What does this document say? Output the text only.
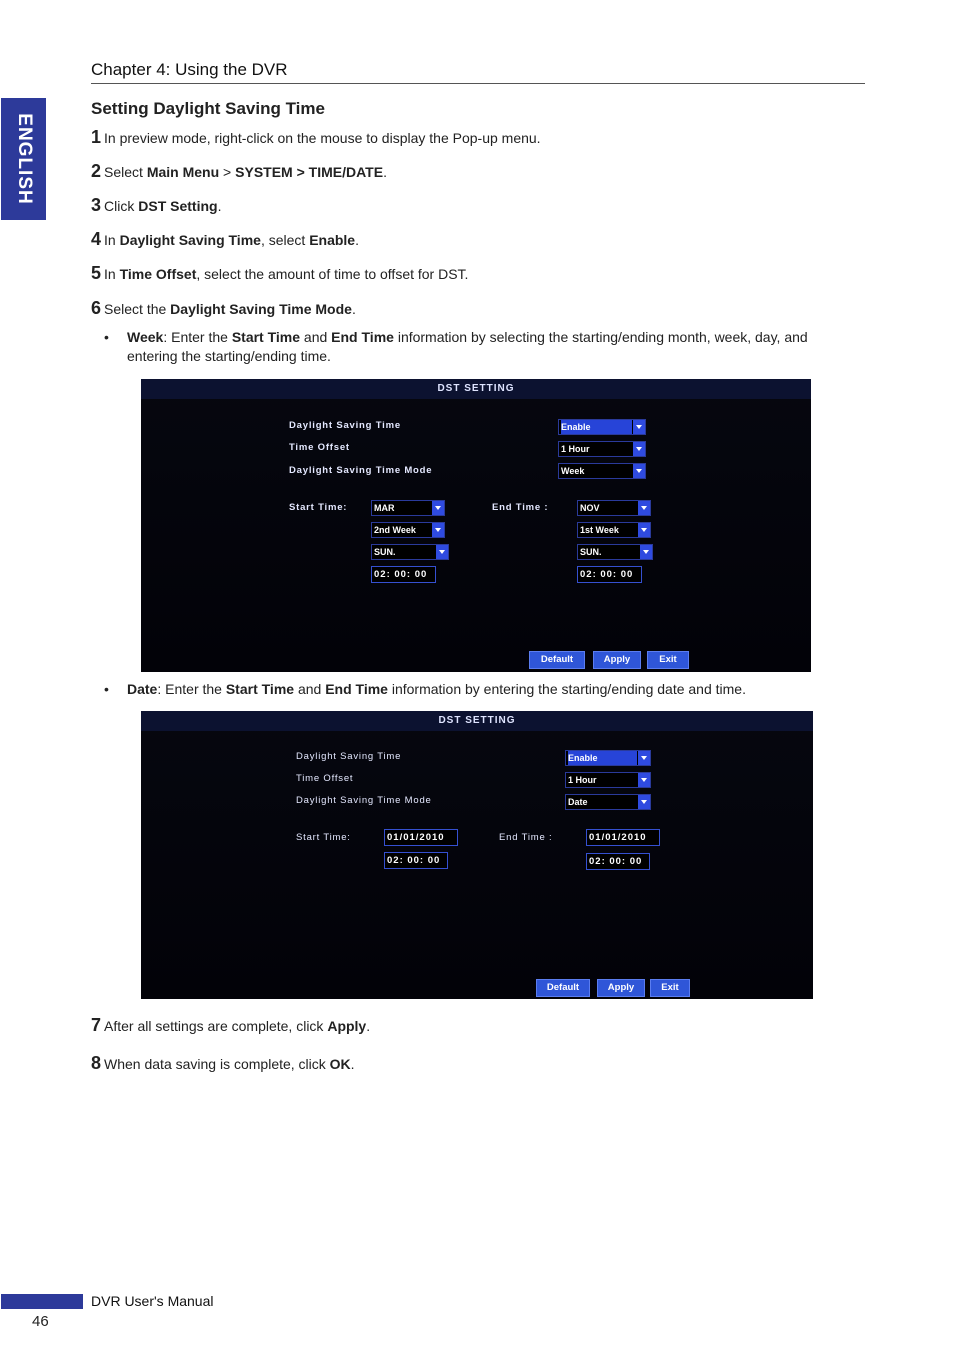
ENGLISH
Chapter 4: Using the DVR
Setting Daylight Saving Time
1 In preview mode, right-click on the mouse to display the Pop-up menu.
2 Select Main Menu > SYSTEM > TIME/DATE.
3 Click DST Setting.
4 In Daylight Saving Time, select Enable.
5 In Time Offset, select the amount of time to offset for DST.
6 Select the Daylight Saving Time Mode.
• Week: Enter the Start Time and End Time information by selecting the starting/ending month, week, day, and entering the starting/ending time.
DST SETTING
Daylight Saving Time	Enable
Time Offset	1 Hour
Daylight Saving Time Mode	Week
Start Time:	MAR
2nd Week
SUN.
02: 00: 00
End Time :	NOV
1st Week
SUN.
02: 00: 00
Default	Apply	Exit
• Date: Enter the Start Time and End Time information by entering the starting/ending date and time.
DST SETTING
Daylight Saving Time	Enable
Time Offset	1 Hour
Daylight Saving Time Mode	Date
Start Time:	01/01/2010
02: 00: 00
End Time :	01/01/2010
02: 00: 00
Default	Apply	Exit
7 After all settings are complete, click Apply.
8 When data saving is complete, click OK.
DVR User's Manual
46
